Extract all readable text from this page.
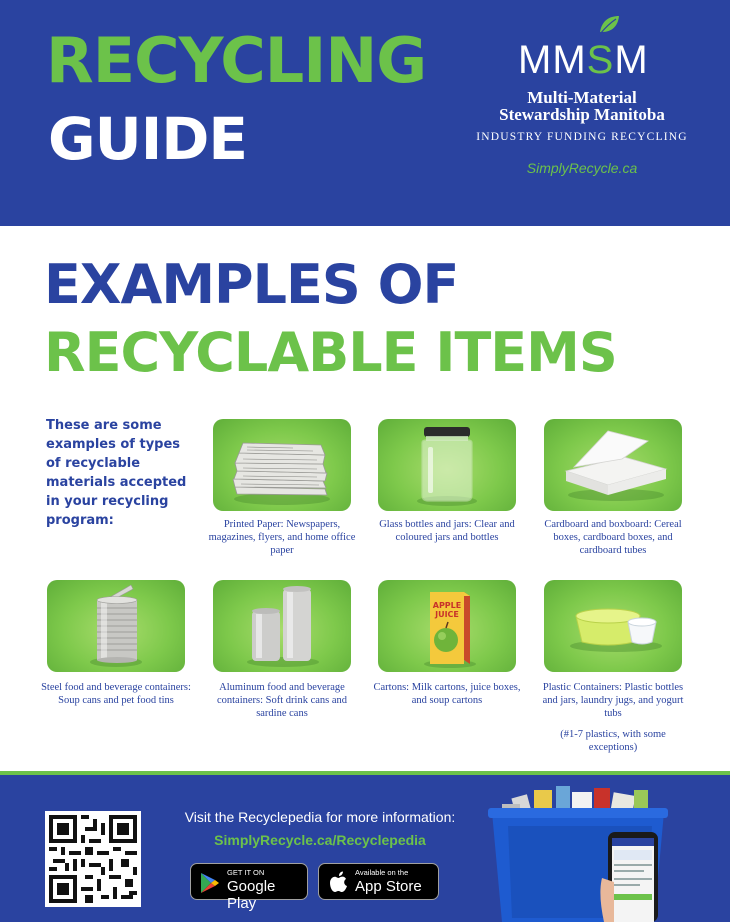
RECYCLING
GUIDE
MMSM
Multi-Material
Stewardship Manitoba
INDUSTRY FUNDING RECYCLING
SimplyRecycle.ca
EXAMPLES OF
RECYCLABLE ITEMS
These are some examples of types of recyclable materials accepted in your recycling program:	Printed Paper: Newspapers, magazines, flyers, and home office paper
Glass bottles and jars: Clear and coloured jars and bottles
Cardboard and boxboard: Cereal boxes, cardboard boxes, and cardboard tubes
Steel food and beverage containers: Soup cans and pet food tins
Aluminum food and beverage containers: Soft drink cans and sardine cans
APPLE
JUICE
Cartons: Milk cartons, juice boxes, and soup cartons
Plastic Containers: Plastic bottles and jars, laundry jugs, and yogurt tubs
(#1-7 plastics, with some exceptions)
Visit the Recyclepedia for more information:
SimplyRecycle.ca/Recyclepedia
GET IT ON
Google Play
Available on the
App Store
